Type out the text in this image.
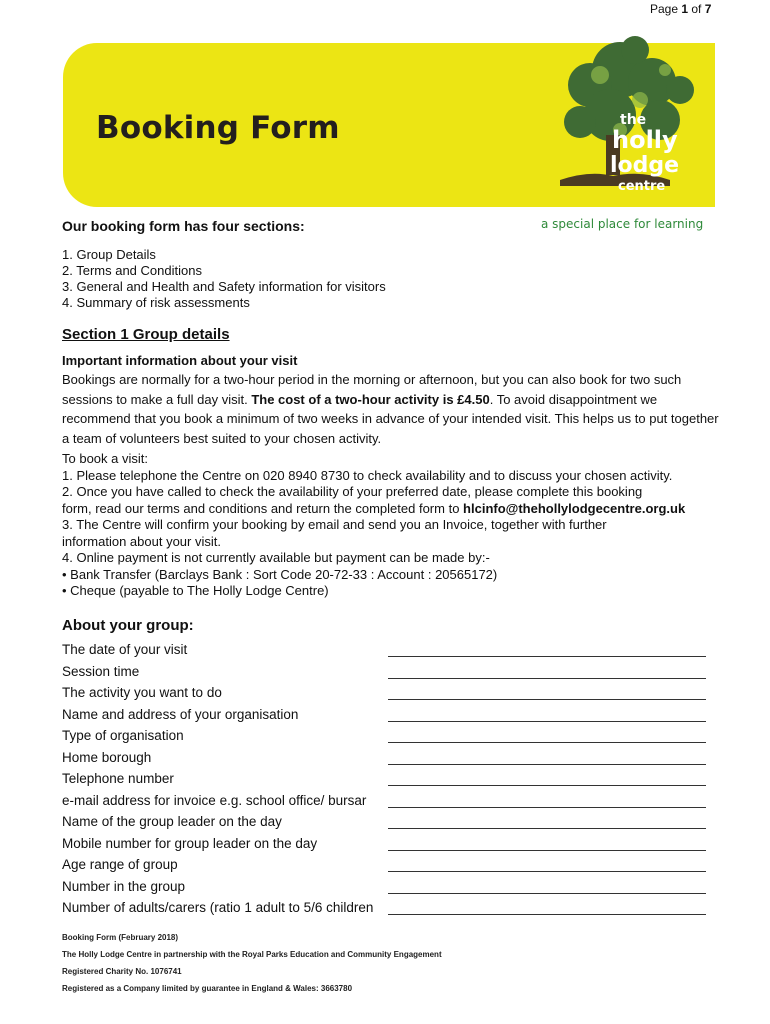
Page 1 of 7
Booking Form	the
holly
lodge
centre
a special place for learning
Our booking form has four sections:
1. Group Details
2. Terms and Conditions
3. General and Health and Safety information for visitors
4. Summary of risk assessments
Section 1 Group details
Important information about your visit
Bookings are normally for a two-hour period in the morning or afternoon, but you can also book for two such sessions to make a full day visit. The cost of a two-hour activity is £4.50. To avoid disappointment we recommend that you book a minimum of two weeks in advance of your intended visit. This helps us to put together a team of volunteers best suited to your chosen activity.
To book a visit:
1. Please telephone the Centre on 020 8940 8730 to check availability and to discuss your chosen activity.
2. Once you have called to check the availability of your preferred date, please complete this booking
form, read our terms and conditions and return the completed form to hlcinfo@thehollylodgecentre.org.uk
3. The Centre will confirm your booking by email and send you an Invoice, together with further
information about your visit.
4. Online payment is not currently available but payment can be made by:-
• Bank Transfer (Barclays Bank : Sort Code 20-72-33 : Account : 20565172)
• Cheque (payable to The Holly Lodge Centre)
About your group:
The date of your visit
Session time
The activity you want to do
Name and address of your organisation
Type of organisation
Home borough
Telephone number
e-mail address for invoice e.g. school office/ bursar
Name of the group leader on the day
Mobile number for group leader on the day
Age range of group
Number in the group
Number of adults/carers (ratio 1 adult to 5/6 children
Booking Form (February 2018)
The Holly Lodge Centre in partnership with the Royal Parks Education and Community Engagement
Registered Charity No. 1076741
Registered as a Company limited by guarantee in England & Wales: 3663780
